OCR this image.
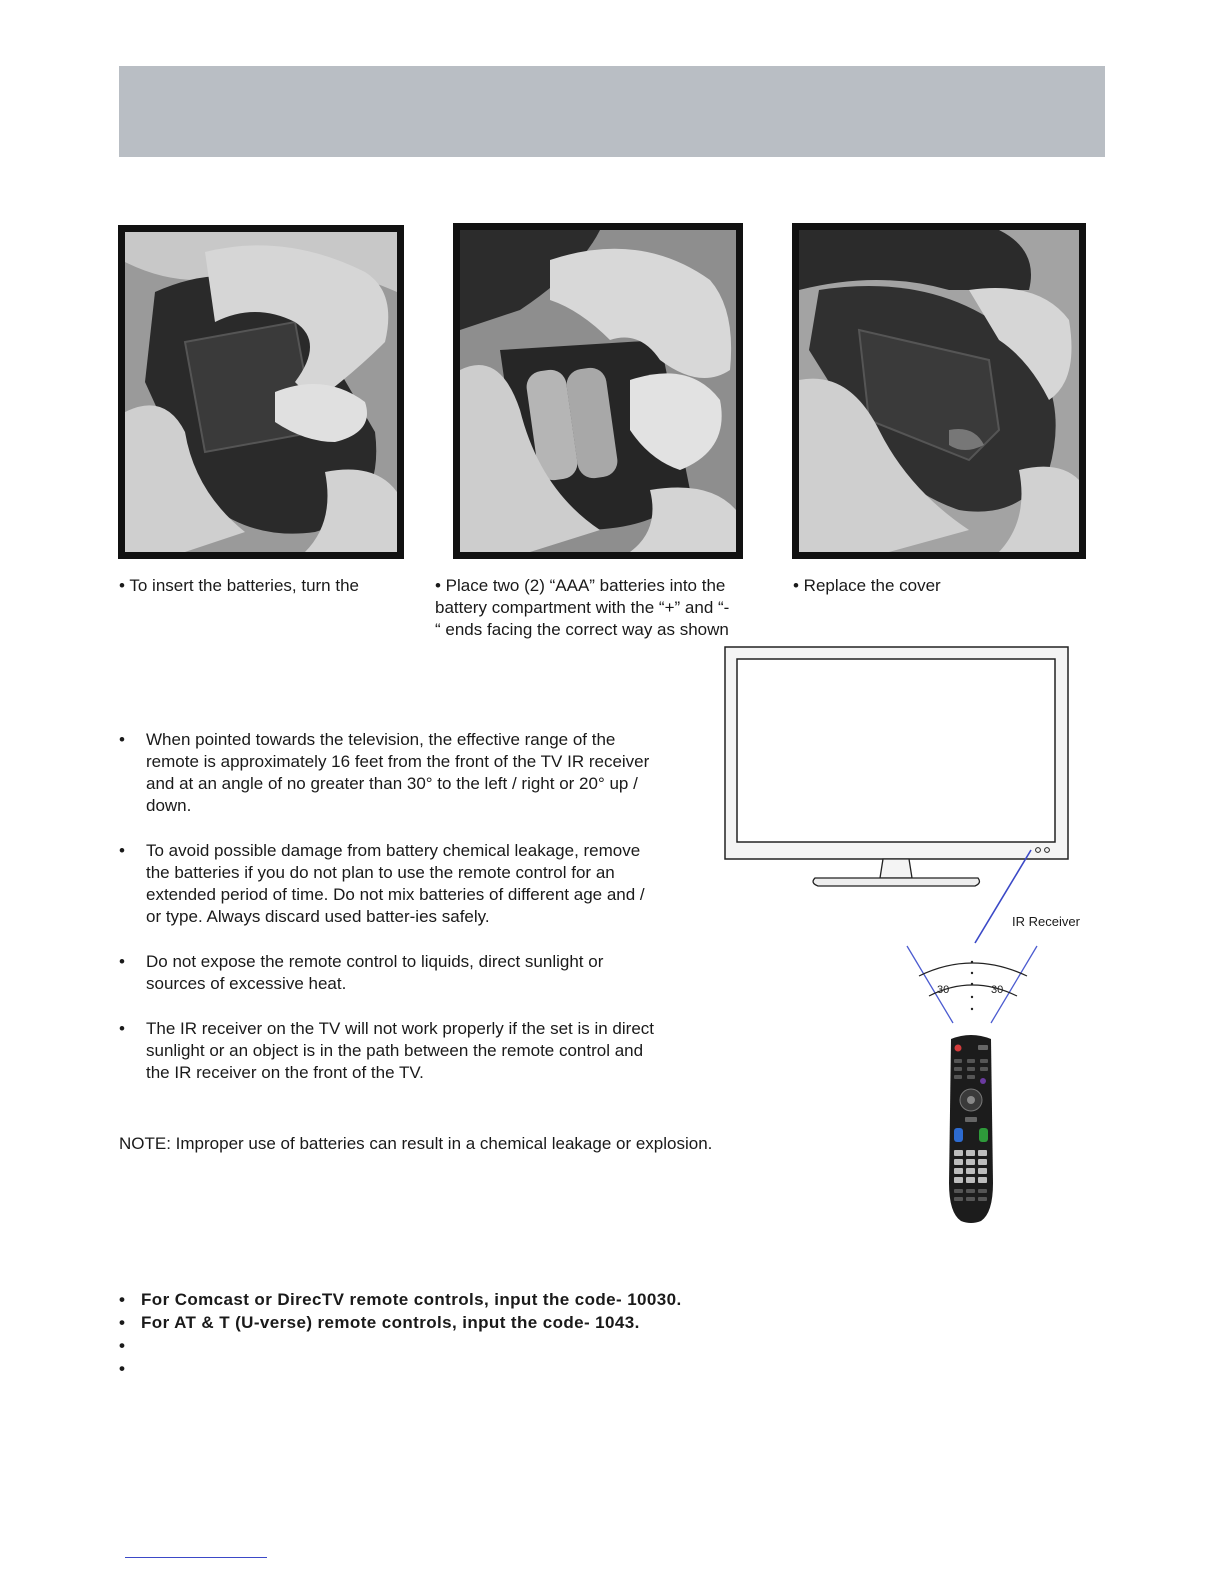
• To insert the batteries, turn the	• Place two (2) “AAA” batteries into the

battery compartment with the “+” and “-

“ ends facing the correct way as shown

• Replace the cover

30	30
IR Receiver
• When pointed towards the television, the effective range of the remote is approximately 16 feet from the front of the TV IR receiver and at an angle of no greater than 30° to the left / right or 20° up / down.
• To avoid possible damage from battery chemical leakage, remove the batteries if you do not plan to use the remote control for an extended period of time. Do not mix batteries of different age and / or type. Always discard used batter-ies safely.
• Do not expose the remote control to liquids, direct sunlight or sources of excessive heat.
• The IR receiver on the TV will not work properly if the set is in direct sunlight or an object is in the path between the remote control and the IR receiver on the front of the TV.

NOTE: Improper use of batteries can result in a chemical leakage or explosion.

• For Comcast or DirecTV remote controls, input the code- 10030.
• For AT & T (U-verse) remote controls, input the code- 1043.
•
•
